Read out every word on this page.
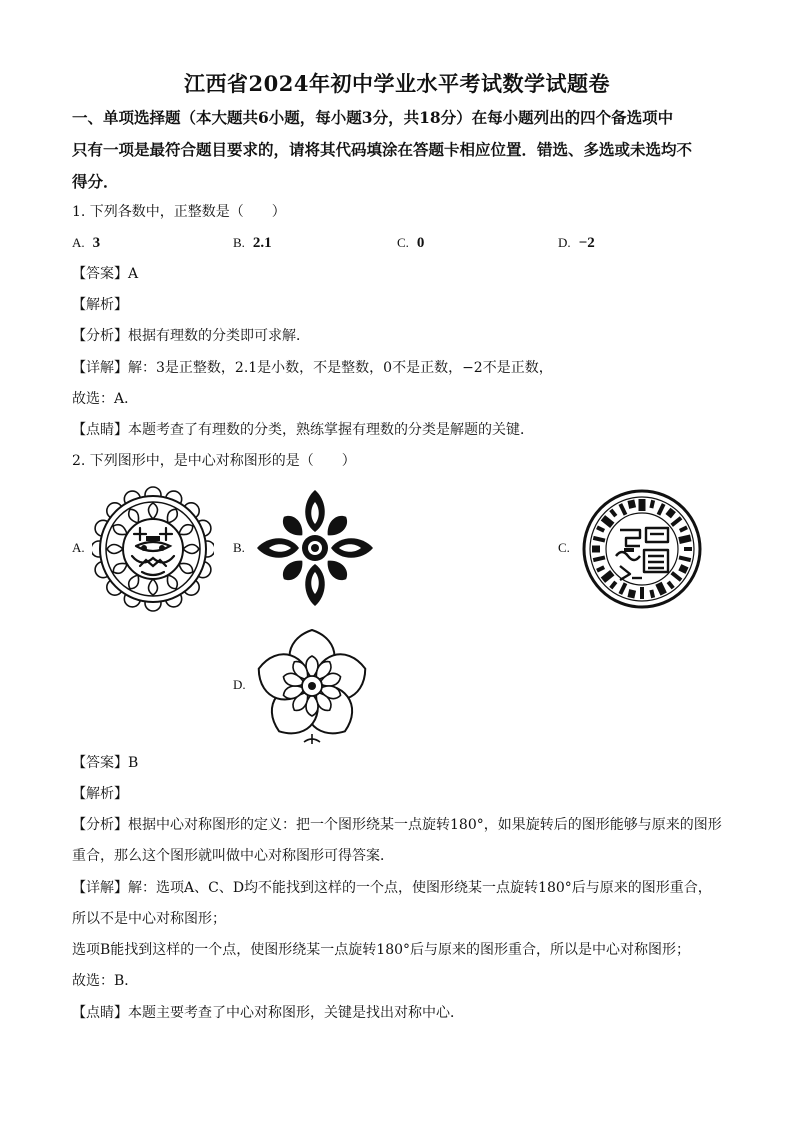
江西省2024年初中学业水平考试数学试题卷
一、单项选择题（本大题共6小题，每小题3分，共18分）在每小题列出的四个备选项中
只有一项是最符合题目要求的，请将其代码填涂在答题卡相应位置．错选、多选或未选均不
得分．
1. 下列各数中，正整数是（　　）
A. 3	B. 2.1	C. 0	D. −2
【答案】A
【解析】
【分析】根据有理数的分类即可求解．
【详解】解：3是正整数，2.1是小数，不是整数，0不是正数，−2不是正数，
故选：A．
【点睛】本题考查了有理数的分类，熟练掌握有理数的分类是解题的关键．
2. 下列图形中，是中心对称图形的是（　　）
A.	B.	C.
D.
【答案】B
【解析】
【分析】根据中心对称图形的定义：把一个图形绕某一点旋转180°，如果旋转后的图形能够与原来的图形
重合，那么这个图形就叫做中心对称图形可得答案．
【详解】解：选项A、C、D均不能找到这样的一个点，使图形绕某一点旋转180°后与原来的图形重合，
所以不是中心对称图形；
选项B能找到这样的一个点，使图形绕某一点旋转180°后与原来的图形重合，所以是中心对称图形；
故选：B．
【点睛】本题主要考查了中心对称图形，关键是找出对称中心．
